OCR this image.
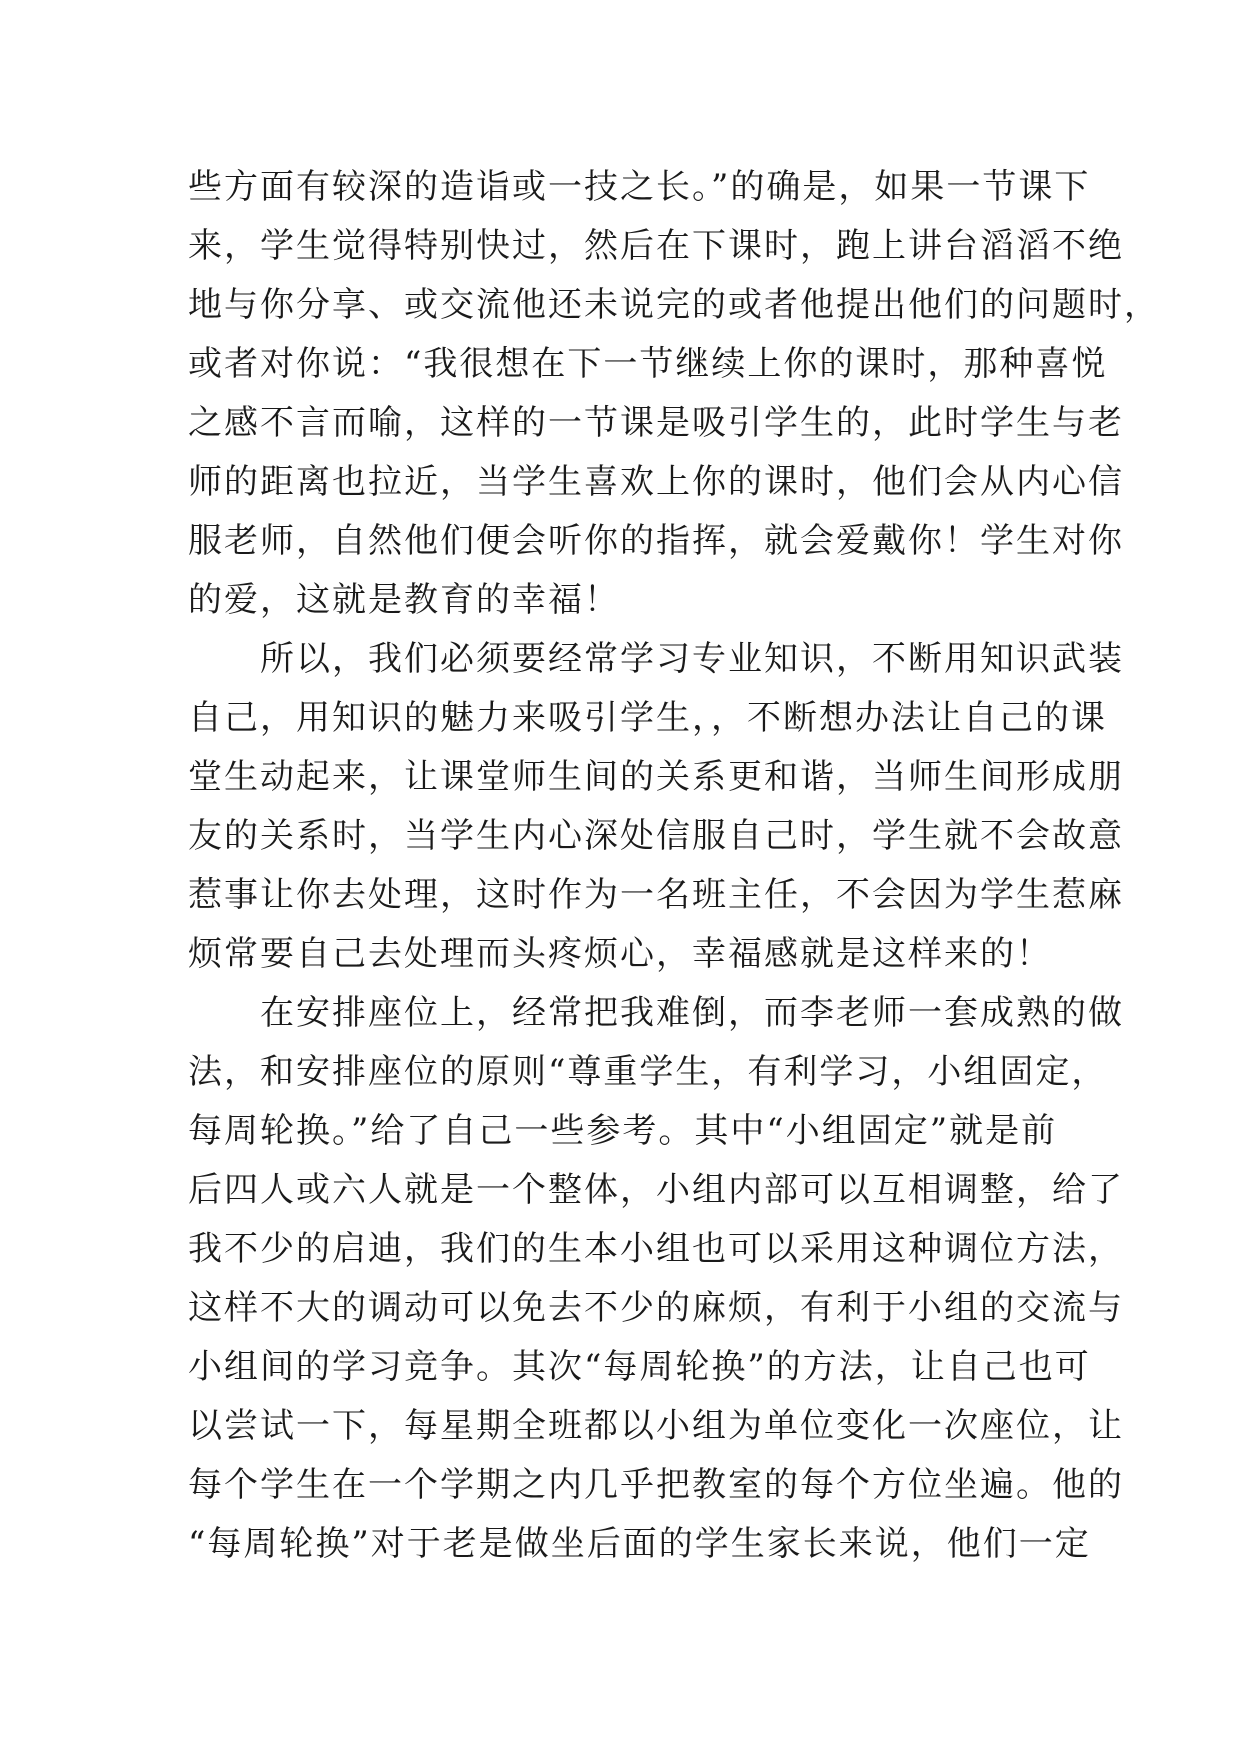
些方面有较深的造诣或一技之长。”的确是，如果一节课下
来，学生觉得特别快过，然后在下课时，跑上讲台滔滔不绝
地与你分享、或交流他还未说完的或者他提出他们的问题时，
或者对你说：“我很想在下一节继续上你的课时，那种喜悦
之感不言而喻，这样的一节课是吸引学生的，此时学生与老
师的距离也拉近，当学生喜欢上你的课时，他们会从内心信
服老师，自然他们便会听你的指挥，就会爱戴你！学生对你
的爱，这就是教育的幸福！
　　所以，我们必须要经常学习专业知识，不断用知识武装
自己，用知识的魅力来吸引学生，，不断想办法让自己的课
堂生动起来，让课堂师生间的关系更和谐，当师生间形成朋
友的关系时，当学生内心深处信服自己时，学生就不会故意
惹事让你去处理，这时作为一名班主任，不会因为学生惹麻
烦常要自己去处理而头疼烦心，幸福感就是这样来的！
　　在安排座位上，经常把我难倒，而李老师一套成熟的做
法，和安排座位的原则“尊重学生，有利学习，小组固定，
每周轮换。”给了自己一些参考。其中“小组固定”就是前
后四人或六人就是一个整体，小组内部可以互相调整，给了
我不少的启迪，我们的生本小组也可以采用这种调位方法，
这样不大的调动可以免去不少的麻烦，有利于小组的交流与
小组间的学习竞争。其次“每周轮换”的方法，让自己也可
以尝试一下，每星期全班都以小组为单位变化一次座位，让
每个学生在一个学期之内几乎把教室的每个方位坐遍。他的
“每周轮换”对于老是做坐后面的学生家长来说，他们一定
